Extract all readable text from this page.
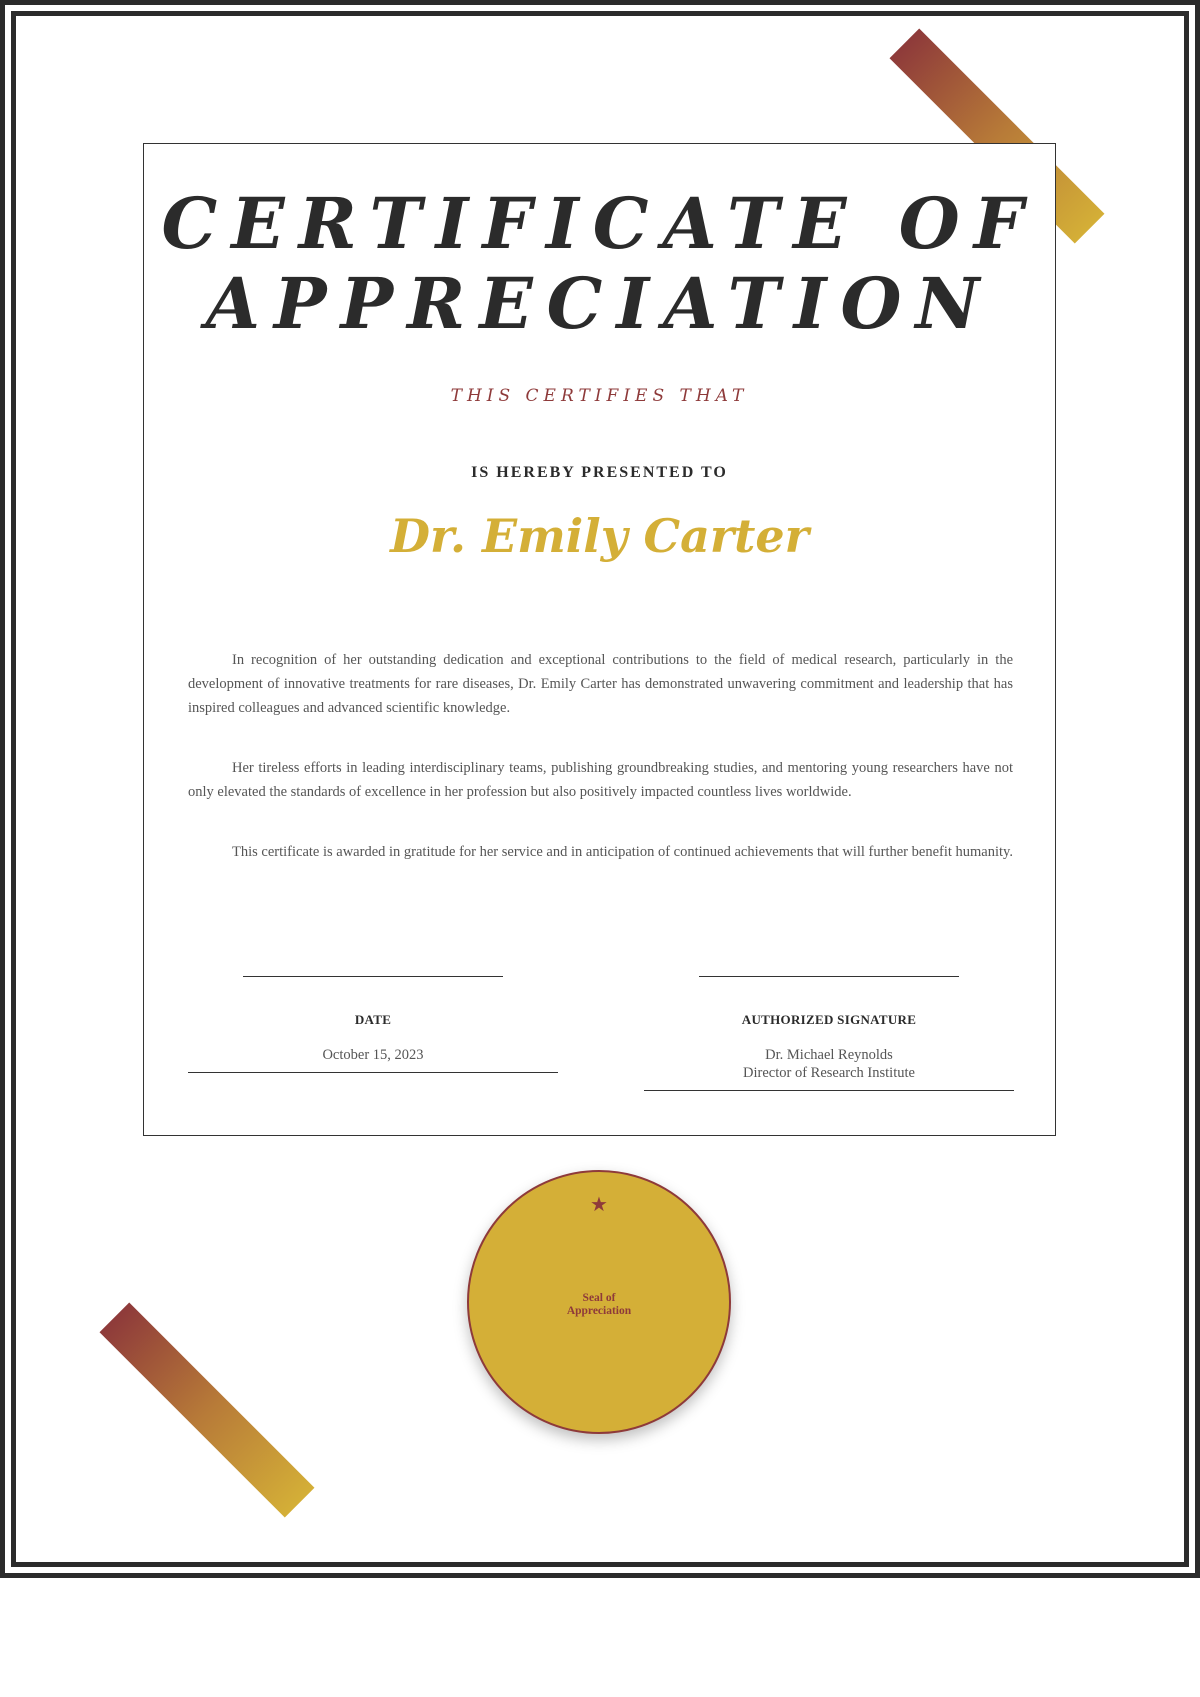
CERTIFICATE OF APPRECIATION
THIS CERTIFIES THAT
IS HEREBY PRESENTED TO
Dr. Emily Carter

In recognition of her outstanding dedication and exceptional contributions to the field of medical research, particularly in the development of innovative treatments for rare diseases, Dr. Emily Carter has demonstrated unwavering commitment and leadership that has inspired colleagues and advanced scientific knowledge.

Her tireless efforts in leading interdisciplinary teams, publishing groundbreaking studies, and mentoring young researchers have not only elevated the standards of excellence in her profession but also positively impacted countless lives worldwide.

This certificate is awarded in gratitude for her service and in anticipation of continued achievements that will further benefit humanity.

DATE
October 15, 2023
AUTHORIZED SIGNATURE
Dr. Michael Reynolds
Director of Research Institute
★
Seal of
Appreciation
